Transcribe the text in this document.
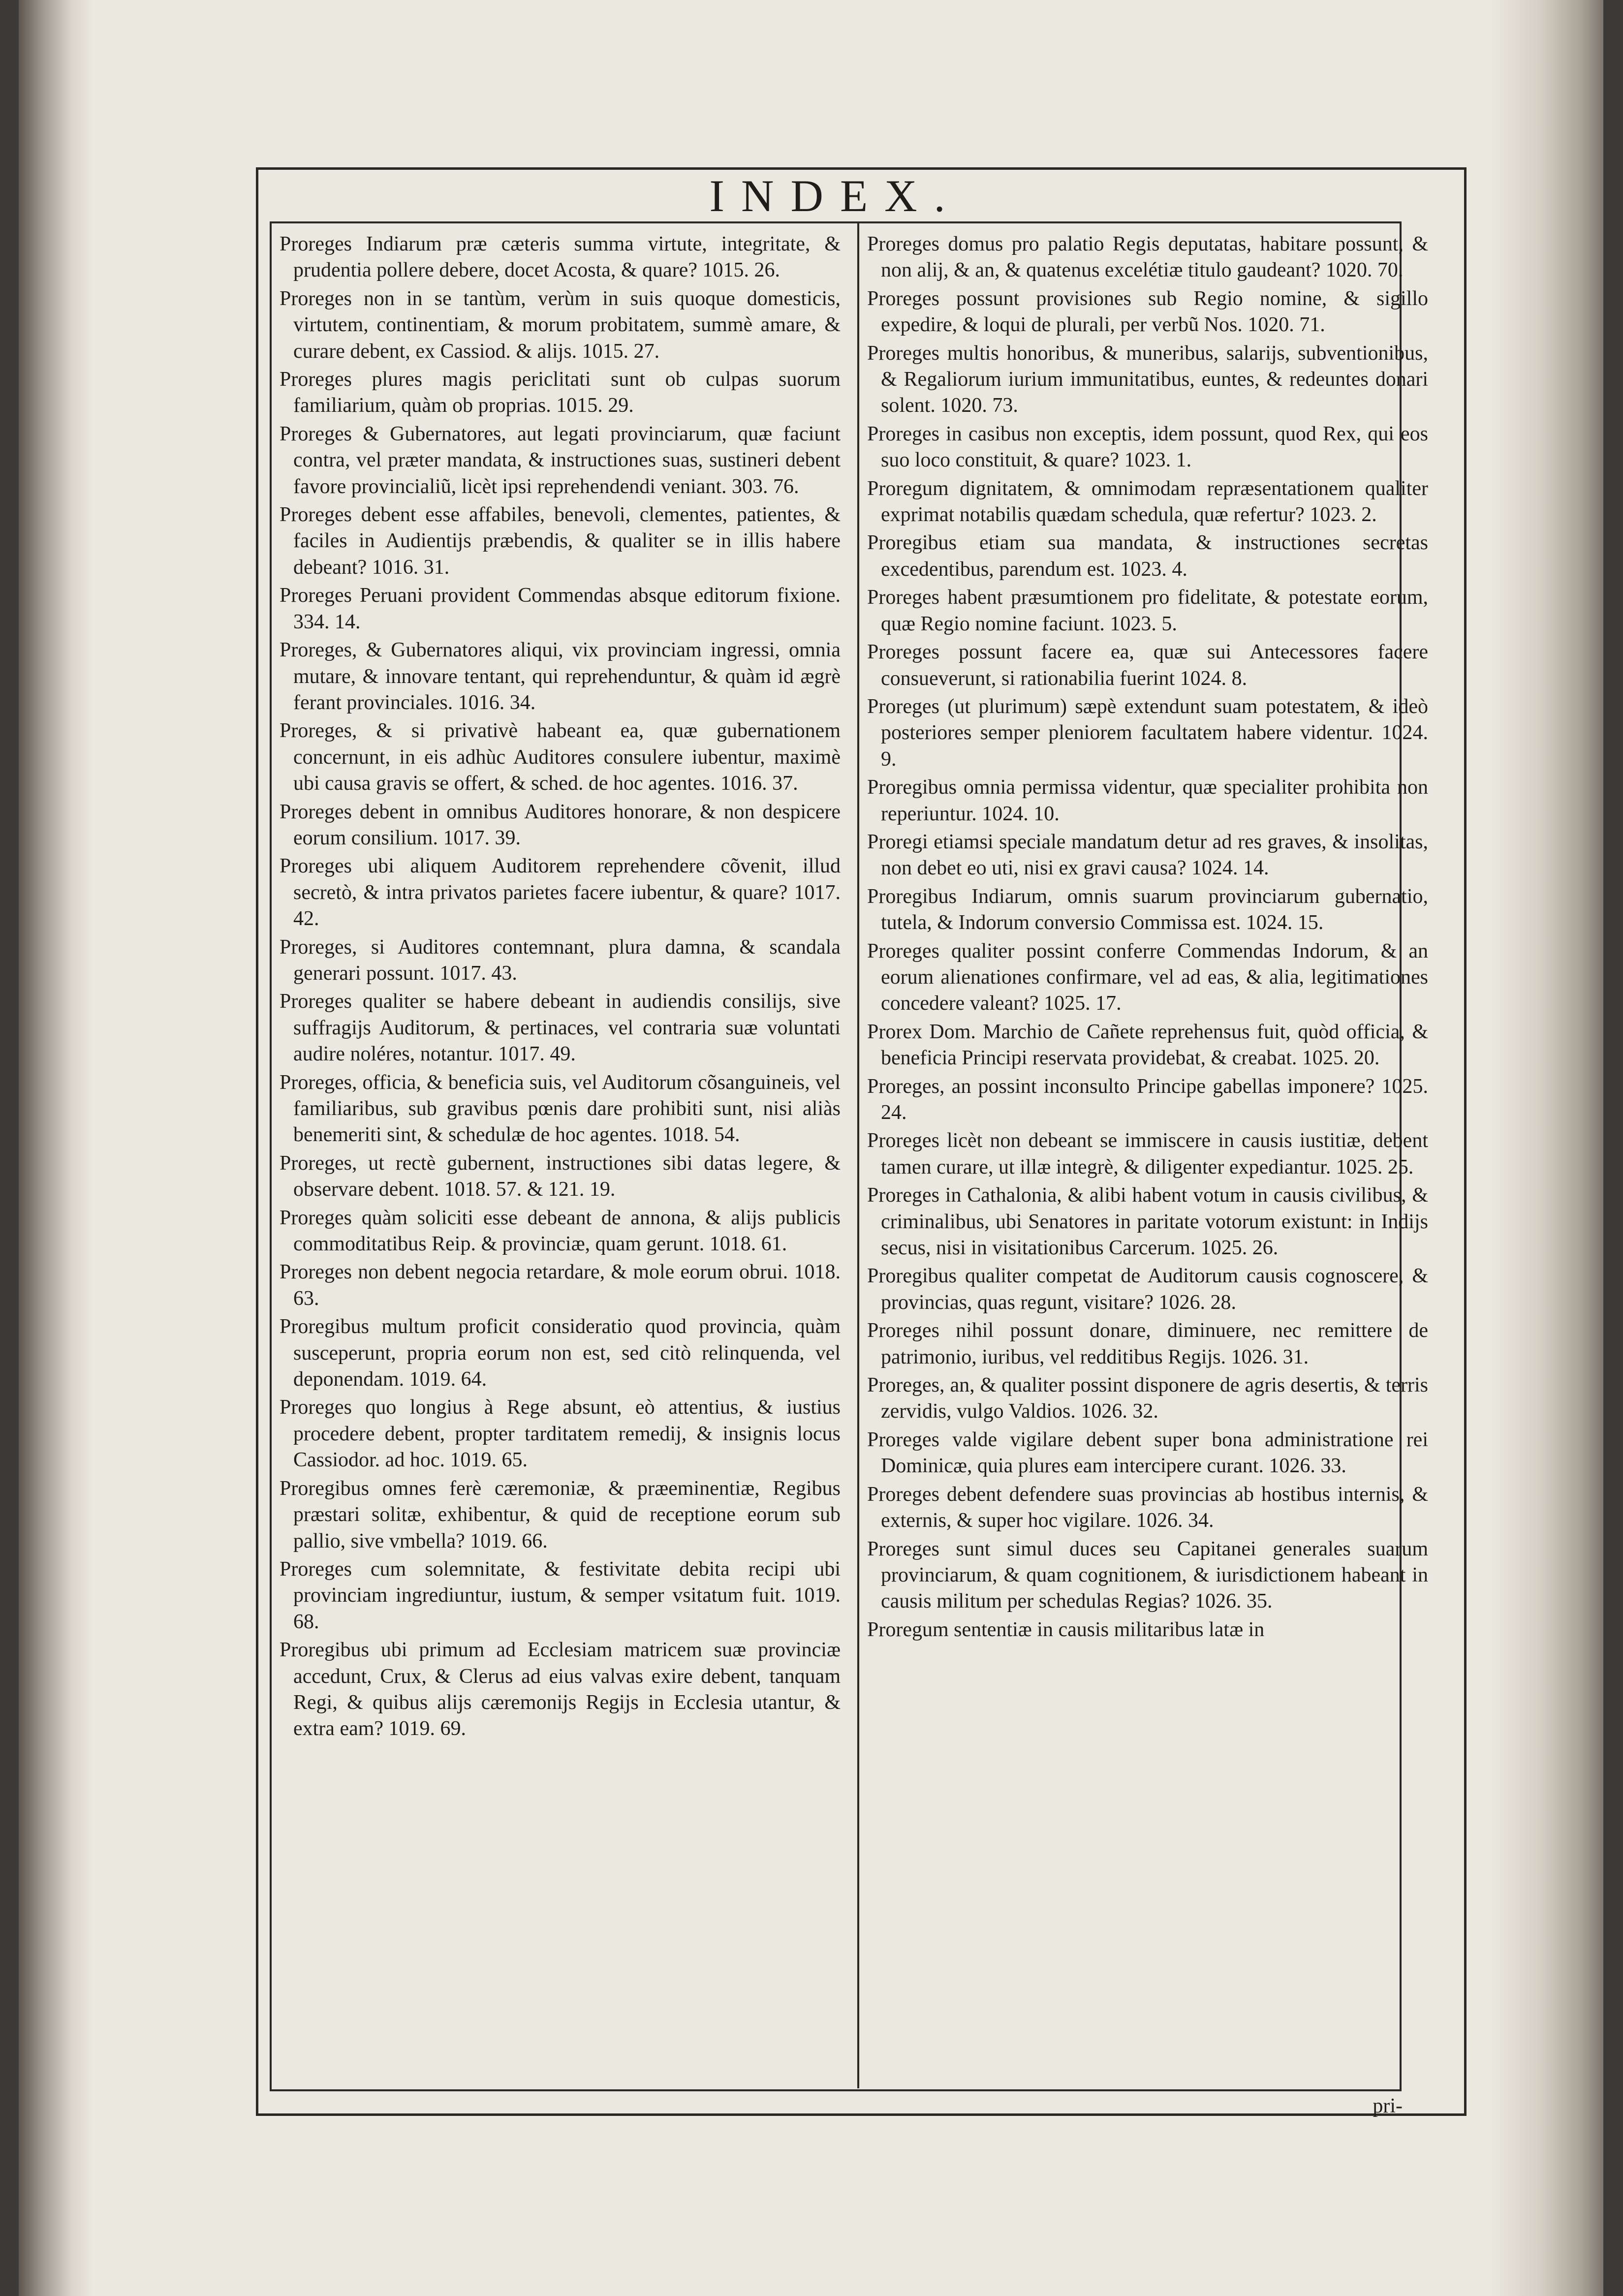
INDEX.

Proreges Indiarum præ cæteris summa virtute, integritate, & prudentia pollere debere, docet Acosta, & quare? 1015. 26.

Proreges non in se tantùm, verùm in suis quoque domesticis, virtutem, continentiam, & morum probitatem, summè amare, & curare debent, ex Cassiod. & alijs. 1015. 27.

Proreges plures magis periclitati sunt ob culpas suorum familiarium, quàm ob proprias. 1015. 29.

Proreges & Gubernatores, aut legati provinciarum, quæ faciunt contra, vel præter mandata, & instructiones suas, sustineri debent favore provincialiũ, licèt ipsi reprehendendi veniant. 303. 76.

Proreges debent esse affabiles, benevoli, clementes, patientes, & faciles in Audientijs præbendis, & qualiter se in illis habere debeant? 1016. 31.

Proreges Peruani provident Commendas absque editorum fixione. 334. 14.

Proreges, & Gubernatores aliqui, vix provinciam ingressi, omnia mutare, & innovare tentant, qui reprehenduntur, & quàm id ægrè ferant provinciales. 1016. 34.

Proreges, & si privativè habeant ea, quæ gubernationem concernunt, in eis adhùc Auditores consulere iubentur, maximè ubi causa gravis se offert, & sched. de hoc agentes. 1016. 37.

Proreges debent in omnibus Auditores honorare, & non despicere eorum consilium. 1017. 39.

Proreges ubi aliquem Auditorem reprehendere cõvenit, illud secretò, & intra privatos parietes facere iubentur, & quare? 1017. 42.

Proreges, si Auditores contemnant, plura damna, & scandala generari possunt. 1017. 43.

Proreges qualiter se habere debeant in audiendis consilijs, sive suffragijs Auditorum, & pertinaces, vel contraria suæ voluntati audire noléres, notantur. 1017. 49.

Proreges, officia, & beneficia suis, vel Auditorum cõsanguineis, vel familiaribus, sub gravibus pœnis dare prohibiti sunt, nisi aliàs benemeriti sint, & schedulæ de hoc agentes. 1018. 54.

Proreges, ut rectè gubernent, instructiones sibi datas legere, & observare debent. 1018. 57. & 121. 19.

Proreges quàm soliciti esse debeant de annona, & alijs publicis commoditatibus Reip. & provinciæ, quam gerunt. 1018. 61.

Proreges non debent negocia retardare, & mole eorum obrui. 1018. 63.

Proregibus multum proficit consideratio quod provincia, quàm susceperunt, propria eorum non est, sed citò relinquenda, vel deponendam. 1019. 64.

Proreges quo longius à Rege absunt, eò attentius, & iustius procedere debent, propter tarditatem remedij, & insignis locus Cassiodor. ad hoc. 1019. 65.

Proregibus omnes ferè cæremoniæ, & præeminentiæ, Regibus præstari solitæ, exhibentur, & quid de receptione eorum sub pallio, sive vmbella? 1019. 66.

Proreges cum solemnitate, & festivitate debita recipi ubi provinciam ingrediuntur, iustum, & semper vsitatum fuit. 1019. 68.

Proregibus ubi primum ad Ecclesiam matricem suæ provinciæ accedunt, Crux, & Clerus ad eius valvas exire debent, tanquam Regi, & quibus alijs cæremonijs Regijs in Ecclesia utantur, & extra eam? 1019. 69.

Proreges domus pro palatio Regis deputatas, habitare possunt, & non alij, & an, & quatenus excelétiæ titulo gaudeant? 1020. 70.

Proreges possunt provisiones sub Regio nomine, & sigillo expedire, & loqui de plurali, per verbũ Nos. 1020. 71.

Proreges multis honoribus, & muneribus, salarijs, subventionibus, & Regaliorum iurium immunitatibus, euntes, & redeuntes donari solent. 1020. 73.

Proreges in casibus non exceptis, idem possunt, quod Rex, qui eos suo loco constituit, & quare? 1023. 1.

Proregum dignitatem, & omnimodam repræsentationem qualiter exprimat notabilis quædam schedula, quæ refertur? 1023. 2.

Proregibus etiam sua mandata, & instructiones secretas excedentibus, parendum est. 1023. 4.

Proreges habent præsumtionem pro fidelitate, & potestate eorum, quæ Regio nomine faciunt. 1023. 5.

Proreges possunt facere ea, quæ sui Antecessores facere consueverunt, si rationabilia fuerint 1024. 8.

Proreges (ut plurimum) sæpè extendunt suam potestatem, & ideò posteriores semper pleniorem facultatem habere videntur. 1024. 9.

Proregibus omnia permissa videntur, quæ specialiter prohibita non reperiuntur. 1024. 10.

Proregi etiamsi speciale mandatum detur ad res graves, & insolitas, non debet eo uti, nisi ex gravi causa? 1024. 14.

Proregibus Indiarum, omnis suarum provinciarum gubernatio, tutela, & Indorum conversio Commissa est. 1024. 15.

Proreges qualiter possint conferre Commendas Indorum, & an eorum alienationes confirmare, vel ad eas, & alia, legitimationes concedere valeant? 1025. 17.

Prorex Dom. Marchio de Cañete reprehensus fuit, quòd officia, & beneficia Principi reservata providebat, & creabat. 1025. 20.

Proreges, an possint inconsulto Principe gabellas imponere? 1025. 24.

Proreges licèt non debeant se immiscere in causis iustitiæ, debent tamen curare, ut illæ integrè, & diligenter expediantur. 1025. 25.

Proreges in Cathalonia, & alibi habent votum in causis civilibus, & criminalibus, ubi Senatores in paritate votorum existunt: in Indijs secus, nisi in visitationibus Carcerum. 1025. 26.

Proregibus qualiter competat de Auditorum causis cognoscere, & provincias, quas regunt, visitare? 1026. 28.

Proreges nihil possunt donare, diminuere, nec remittere de patrimonio, iuribus, vel redditibus Regijs. 1026. 31.

Proreges, an, & qualiter possint disponere de agris desertis, & terris zervidis, vulgo Valdios. 1026. 32.

Proreges valde vigilare debent super bona administratione rei Dominicæ, quia plures eam intercipere curant. 1026. 33.

Proreges debent defendere suas provincias ab hostibus internis, & externis, & super hoc vigilare. 1026. 34.

Proreges sunt simul duces seu Capitanei generales suarum provinciarum, & quam cognitionem, & iurisdictionem habeant in causis militum per schedulas Regias? 1026. 35.

Proregum sententiæ in causis militaribus latæ in

pri-
